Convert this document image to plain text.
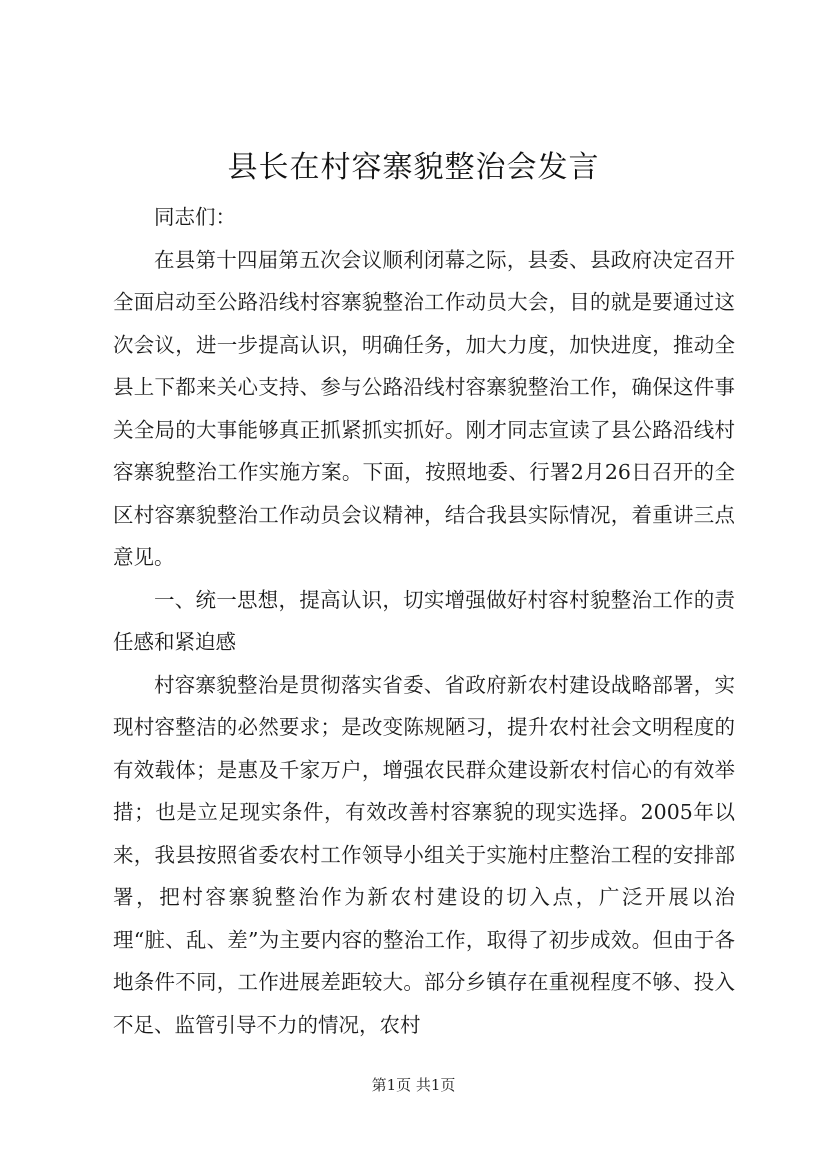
县长在村容寨貌整治会发言

同志们：

在县第十四届第五次会议顺利闭幕之际，县委、县政府决定召开全面启动至公路沿线村容寨貌整治工作动员大会，目的就是要通过这次会议，进一步提高认识，明确任务，加大力度，加快进度，推动全县上下都来关心支持、参与公路沿线村容寨貌整治工作，确保这件事关全局的大事能够真正抓紧抓实抓好。刚才同志宣读了县公路沿线村容寨貌整治工作实施方案。下面，按照地委、行署2月26日召开的全区村容寨貌整治工作动员会议精神，结合我县实际情况，着重讲三点意见。

一、统一思想，提高认识，切实增强做好村容村貌整治工作的责任感和紧迫感

村容寨貌整治是贯彻落实省委、省政府新农村建设战略部署，实现村容整洁的必然要求；是改变陈规陋习，提升农村社会文明程度的有效载体；是惠及千家万户，增强农民群众建设新农村信心的有效举措；也是立足现实条件，有效改善村容寨貌的现实选择。2005年以来，我县按照省委农村工作领导小组关于实施村庄整治工程的安排部署，把村容寨貌整治作为新农村建设的切入点，广泛开展以治理“脏、乱、差”为主要内容的整治工作，取得了初步成效。但由于各地条件不同，工作进展差距较大。部分乡镇存在重视程度不够、投入不足、监管引导不力的情况，农村

第1页 共1页
